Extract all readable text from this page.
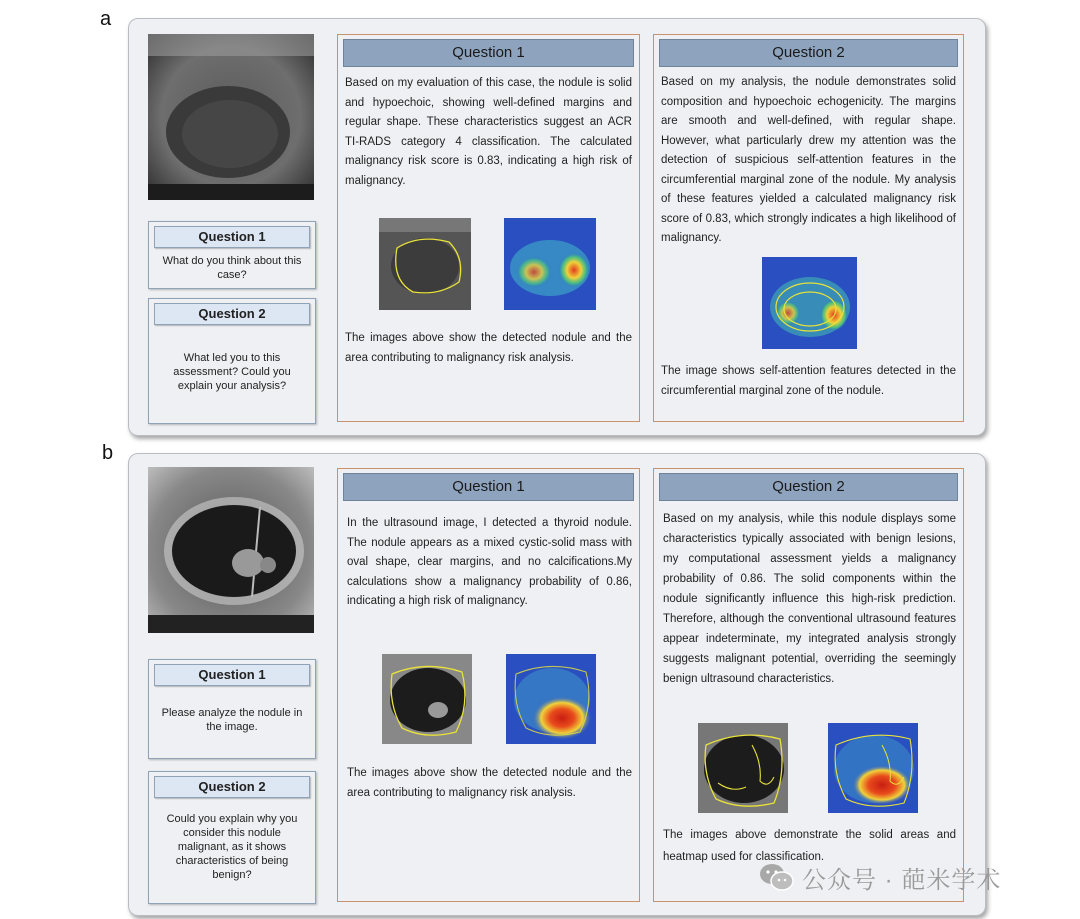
a
Question 1
What do you think about this case?
Question 2
What led you to this assessment? Could you explain your analysis?
Question 1
Based on my evaluation of this case, the nodule is solid and hypoechoic, showing well-defined margins and regular shape. These characteristics suggest an ACR TI-RADS category 4 classification. The calculated malignancy risk score is 0.83, indicating a high risk of malignancy.
The images above show the detected nodule and the area contributing to malignancy risk analysis.
Question 2
Based on my analysis, the nodule demonstrates solid composition and hypoechoic echogenicity. The margins are smooth and well-defined, with regular shape. However, what particularly drew my attention was the detection of suspicious self-attention features in the circumferential marginal zone of the nodule. My analysis of these features yielded a calculated malignancy risk score of 0.83, which strongly indicates a high likelihood of malignancy.
The image shows self-attention features detected in the circumferential marginal zone of the nodule.
b
Question 1
Please analyze the nodule in the image.
Question 2
Could you explain why you consider this nodule malignant, as it shows characteristics of being benign?
Question 1
In the ultrasound image, I detected a thyroid nodule. The nodule appears as a mixed cystic-solid mass with oval shape, clear margins, and no calcifications.My calculations show a malignancy probability of 0.86, indicating a high risk of malignancy.
The images above show the detected nodule and the area contributing to malignancy risk analysis.
Question 2
Based on my analysis, while this nodule displays some characteristics typically associated with benign lesions, my computational assessment yields a malignancy probability of 0.86. The solid components within the nodule significantly influence this high-risk prediction. Therefore, although the conventional ultrasound features appear indeterminate, my integrated analysis strongly suggests malignant potential, overriding the seemingly benign ultrasound characteristics.
The images above demonstrate the solid areas and heatmap used for classification.
公众号 · 葩米学术
